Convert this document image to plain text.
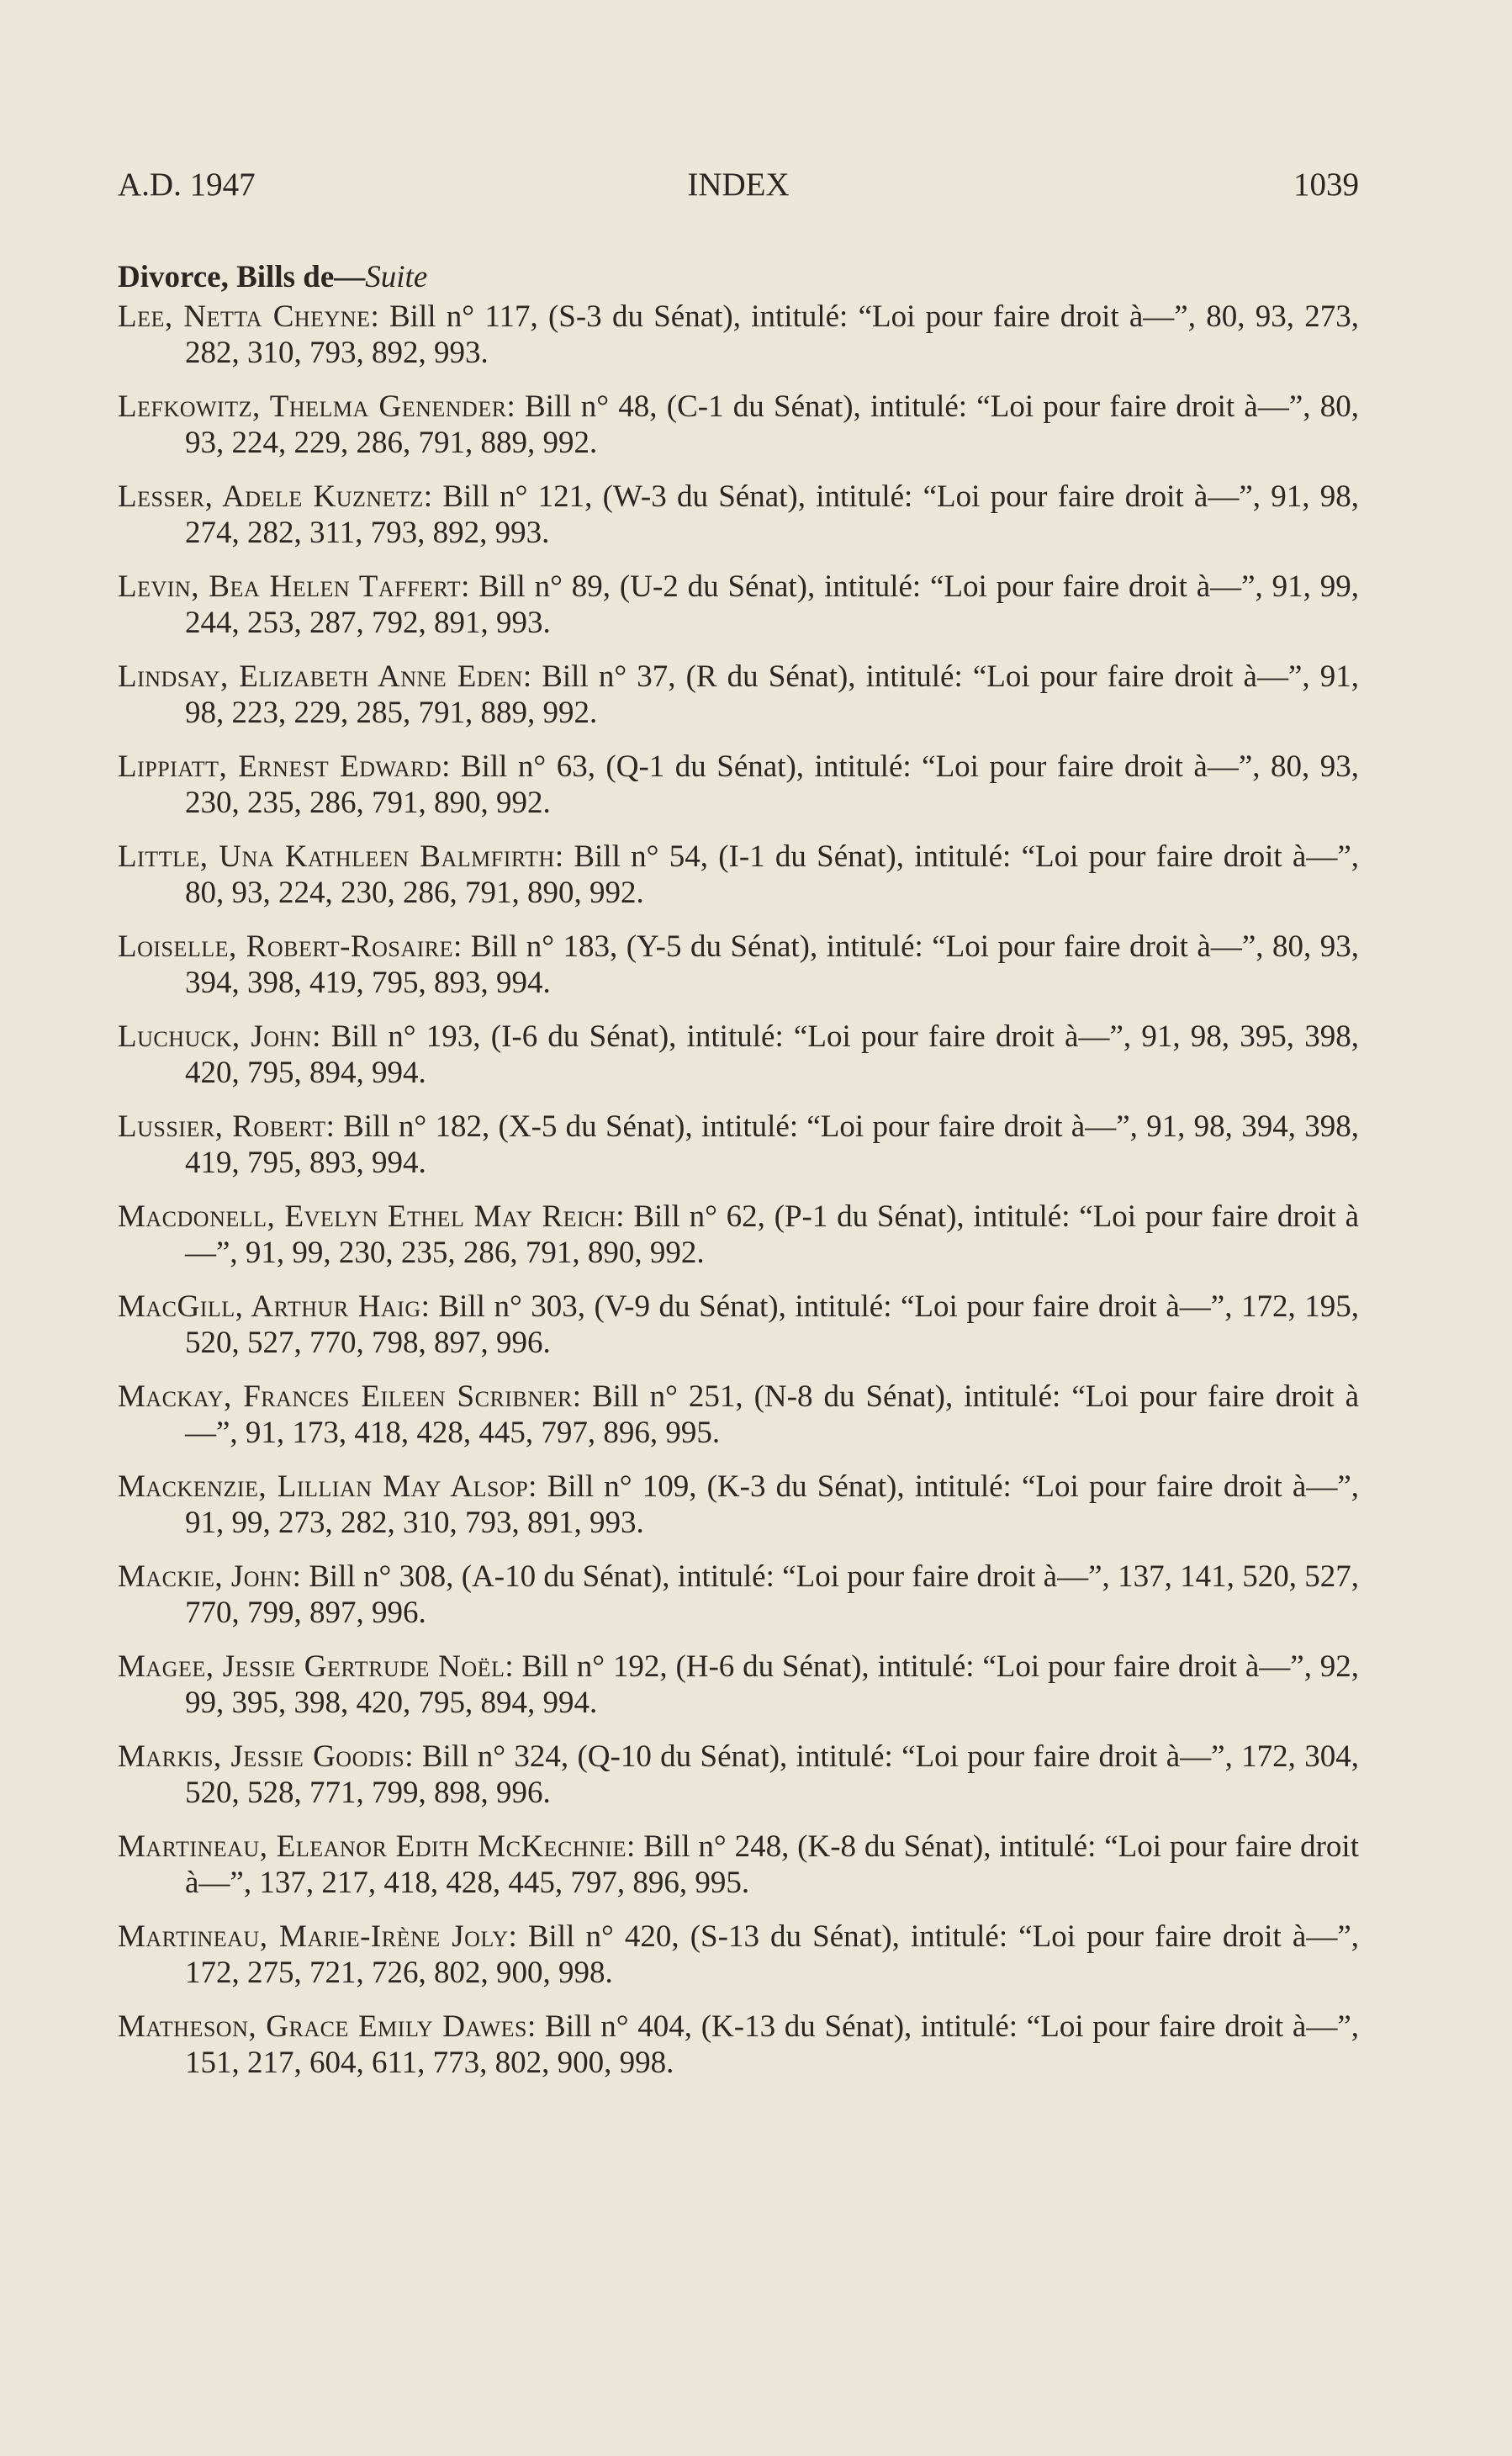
A.D. 1947	INDEX	1039
Divorce, Bills de—Suite

Lee, Netta Cheyne: Bill n° 117, (S-3 du Sénat), intitulé: “Loi pour faire droit à—”, 80, 93, 273, 282, 310, 793, 892, 993.

Lefkowitz, Thelma Genender: Bill n° 48, (C-1 du Sénat), intitulé: “Loi pour faire droit à—”, 80, 93, 224, 229, 286, 791, 889, 992.

Lesser, Adele Kuznetz: Bill n° 121, (W-3 du Sénat), intitulé: “Loi pour faire droit à—”, 91, 98, 274, 282, 311, 793, 892, 993.

Levin, Bea Helen Taffert: Bill n° 89, (U-2 du Sénat), intitulé: “Loi pour faire droit à—”, 91, 99, 244, 253, 287, 792, 891, 993.

Lindsay, Elizabeth Anne Eden: Bill n° 37, (R du Sénat), intitulé: “Loi pour faire droit à—”, 91, 98, 223, 229, 285, 791, 889, 992.

Lippiatt, Ernest Edward: Bill n° 63, (Q-1 du Sénat), intitulé: “Loi pour faire droit à—”, 80, 93, 230, 235, 286, 791, 890, 992.

Little, Una Kathleen Balmfirth: Bill n° 54, (I-1 du Sénat), intitulé: “Loi pour faire droit à—”, 80, 93, 224, 230, 286, 791, 890, 992.

Loiselle, Robert-Rosaire: Bill n° 183, (Y-5 du Sénat), intitulé: “Loi pour faire droit à—”, 80, 93, 394, 398, 419, 795, 893, 994.

Luchuck, John: Bill n° 193, (I-6 du Sénat), intitulé: “Loi pour faire droit à—”, 91, 98, 395, 398, 420, 795, 894, 994.

Lussier, Robert: Bill n° 182, (X-5 du Sénat), intitulé: “Loi pour faire droit à—”, 91, 98, 394, 398, 419, 795, 893, 994.

Macdonell, Evelyn Ethel May Reich: Bill n° 62, (P-1 du Sénat), intitulé: “Loi pour faire droit à—”, 91, 99, 230, 235, 286, 791, 890, 992.

MacGill, Arthur Haig: Bill n° 303, (V-9 du Sénat), intitulé: “Loi pour faire droit à—”, 172, 195, 520, 527, 770, 798, 897, 996.

Mackay, Frances Eileen Scribner: Bill n° 251, (N-8 du Sénat), intitulé: “Loi pour faire droit à—”, 91, 173, 418, 428, 445, 797, 896, 995.

Mackenzie, Lillian May Alsop: Bill n° 109, (K-3 du Sénat), intitulé: “Loi pour faire droit à—”, 91, 99, 273, 282, 310, 793, 891, 993.

Mackie, John: Bill n° 308, (A-10 du Sénat), intitulé: “Loi pour faire droit à—”, 137, 141, 520, 527, 770, 799, 897, 996.

Magee, Jessie Gertrude Noël: Bill n° 192, (H-6 du Sénat), intitulé: “Loi pour faire droit à—”, 92, 99, 395, 398, 420, 795, 894, 994.

Markis, Jessie Goodis: Bill n° 324, (Q-10 du Sénat), intitulé: “Loi pour faire droit à—”, 172, 304, 520, 528, 771, 799, 898, 996.

Martineau, Eleanor Edith McKechnie: Bill n° 248, (K-8 du Sénat), intitulé: “Loi pour faire droit à—”, 137, 217, 418, 428, 445, 797, 896, 995.

Martineau, Marie-Irène Joly: Bill n° 420, (S-13 du Sénat), intitulé: “Loi pour faire droit à—”, 172, 275, 721, 726, 802, 900, 998.

Matheson, Grace Emily Dawes: Bill n° 404, (K-13 du Sénat), intitulé: “Loi pour faire droit à—”, 151, 217, 604, 611, 773, 802, 900, 998.
